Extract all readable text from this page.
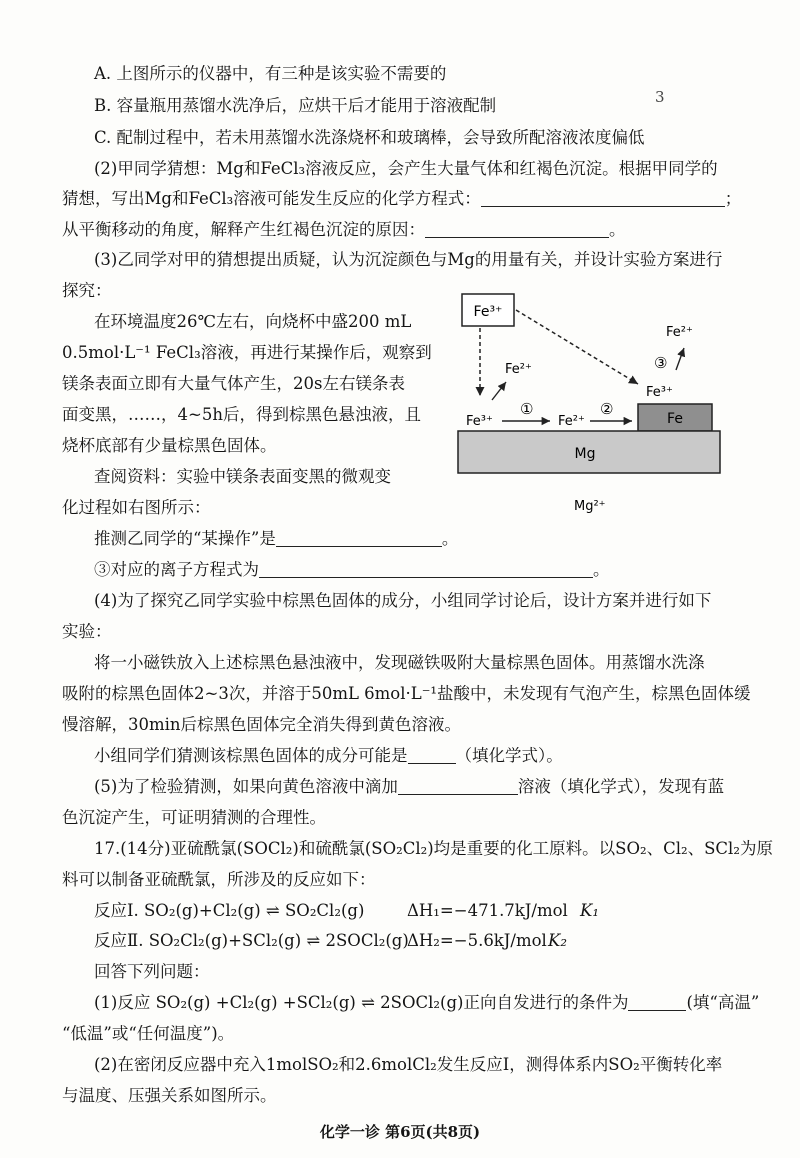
A. 上图所示的仪器中，有三种是该实验不需要的
3
B. 容量瓶用蒸馏水洗净后，应烘干后才能用于溶液配制
C. 配制过程中，若未用蒸馏水洗涤烧杯和玻璃棒，会导致所配溶液浓度偏低
(2)甲同学猜想：Mg和FeCl₃溶液反应，会产生大量气体和红褐色沉淀。根据甲同学的
猜想，写出Mg和FeCl₃溶液可能发生反应的化学方程式：	；
从平衡移动的角度，解释产生红褐色沉淀的原因：	。
(3)乙同学对甲的猜想提出质疑，认为沉淀颜色与Mg的用量有关，并设计实验方案进行
探究：
在环境温度26℃左右，向烧杯中盛200 mL
0.5mol·L⁻¹ FeCl₃溶液，再进行某操作后，观察到
镁条表面立即有大量气体产生，20s左右镁条表
面变黑，……，4~5h后，得到棕黑色悬浊液，且
烧杯底部有少量棕黑色固体。
查阅资料：实验中镁条表面变黑的微观变
化过程如右图所示：
Fe³⁺
Fe²⁺
③
Fe³⁺
Fe²⁺
Fe³⁺
①
Fe²⁺
②
Fe
Mg
Mg²⁺
推测乙同学的“某操作”是	。
③对应的离子方程式为	。
(4)为了探究乙同学实验中棕黑色固体的成分，小组同学讨论后，设计方案并进行如下
实验：
将一小磁铁放入上述棕黑色悬浊液中，发现磁铁吸附大量棕黑色固体。用蒸馏水洗涤
吸附的棕黑色固体2~3次，并溶于50mL 6mol·L⁻¹盐酸中，未发现有气泡产生，棕黑色固体缓
慢溶解，30min后棕黑色固体完全消失得到黄色溶液。
小组同学们猜测该棕黑色固体的成分可能是	（填化学式）。
(5)为了检验猜测，如果向黄色溶液中滴加	溶液（填化学式），发现有蓝
色沉淀产生，可证明猜测的合理性。
17.(14分)亚硫酰氯(SOCl₂)和硫酰氯(SO₂Cl₂)均是重要的化工原料。以SO₂、Cl₂、SCl₂为原
料可以制备亚硫酰氯，所涉及的反应如下：
反应Ⅰ. SO₂(g)+Cl₂(g) ⇌ SO₂Cl₂(g)	ΔH₁=−471.7kJ/mol K₁
反应Ⅱ. SO₂Cl₂(g)+SCl₂(g) ⇌ 2SOCl₂(g)
ΔH₂=−5.6kJ/mol K₂
回答下列问题：
(1)反应 SO₂(g) +Cl₂(g) +SCl₂(g) ⇌ 2SOCl₂(g)正向自发进行的条件为	(填“高温”
“低温”或“任何温度”)。
(2)在密闭反应器中充入1molSO₂和2.6molCl₂发生反应Ⅰ，测得体系内SO₂平衡转化率
与温度、压强关系如图所示。
化学一诊 第6页(共8页)
